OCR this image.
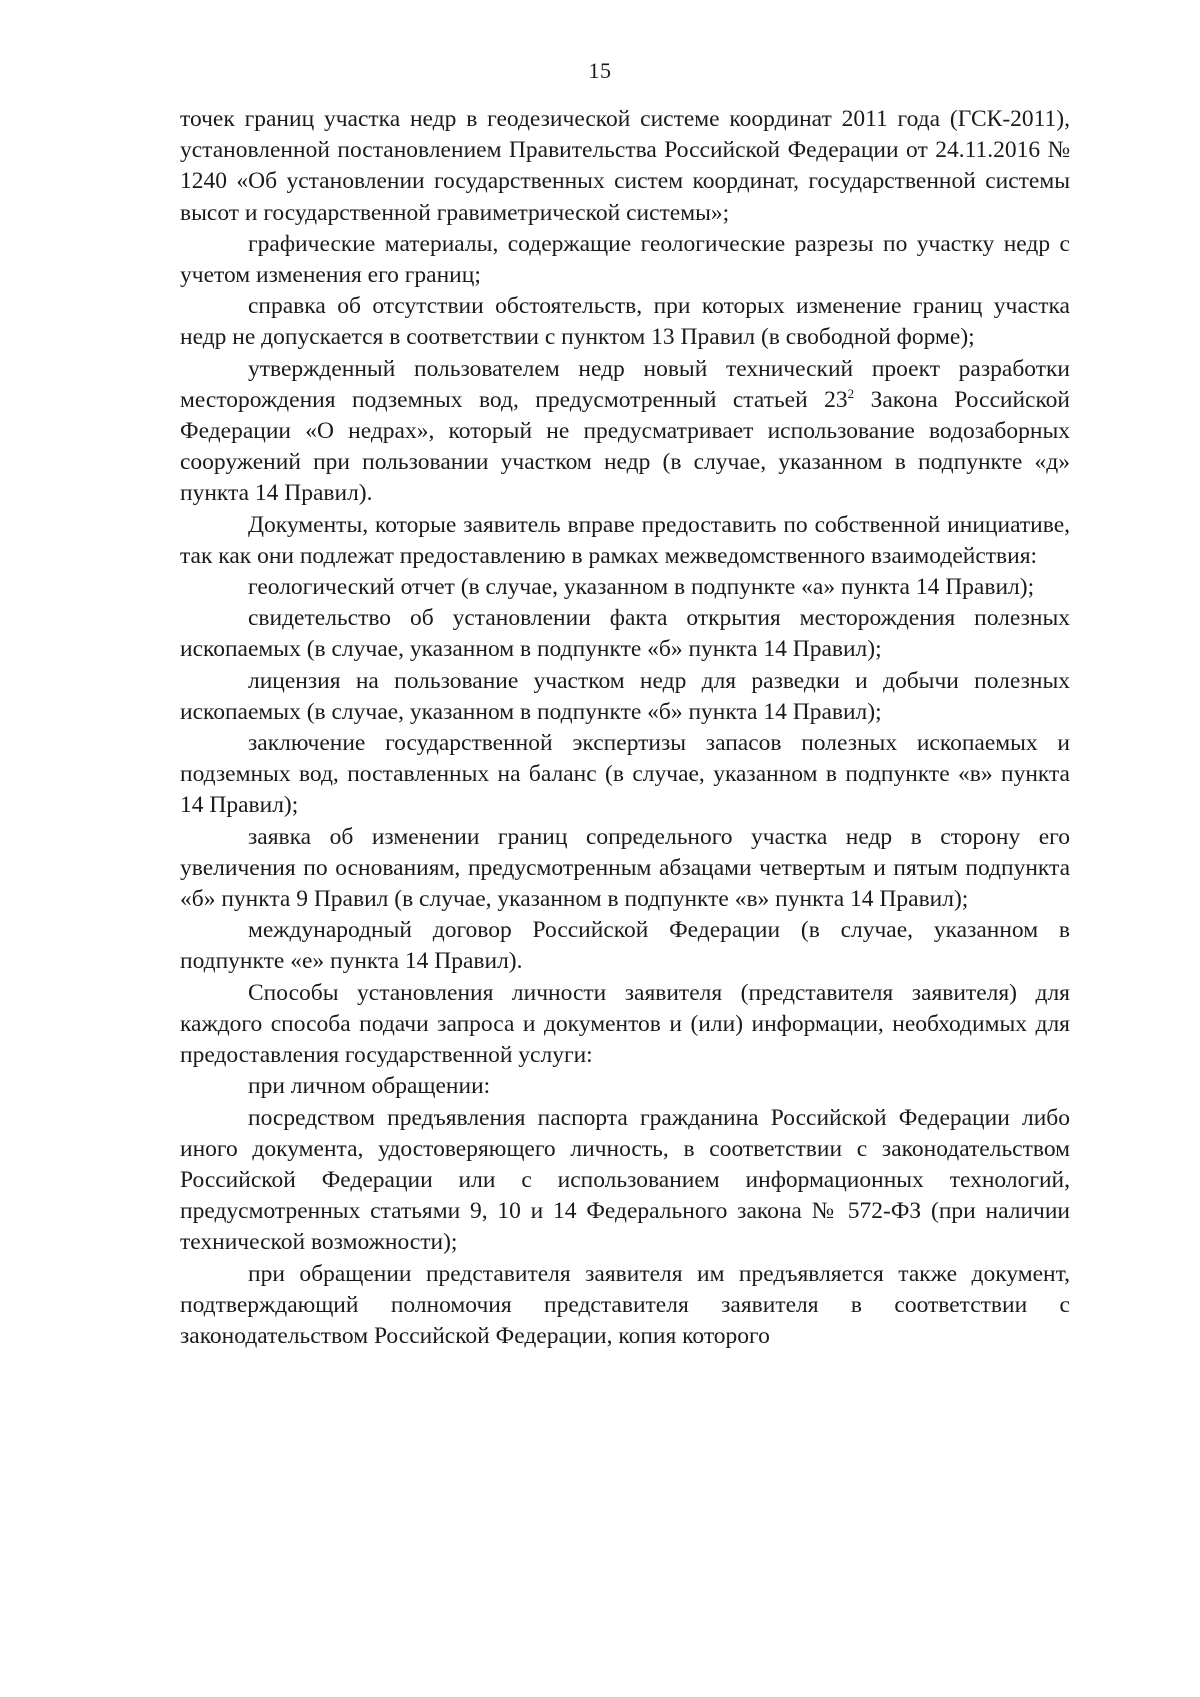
15

точек границ участка недр в геодезической системе координат 2011 года (ГСК-2011), установленной постановлением Правительства Российской Федерации от 24.11.2016 № 1240 «Об установлении государственных систем координат, государственной системы высот и государственной гравиметрической системы»;

графические материалы, содержащие геологические разрезы по участку недр с учетом изменения его границ;

справка об отсутствии обстоятельств, при которых изменение границ участка недр не допускается в соответствии с пунктом 13 Правил (в свободной форме);

утвержденный пользователем недр новый технический проект разработки месторождения подземных вод, предусмотренный статьей $23^2$ Закона Российской Федерации «О недрах», который не предусматривает использование водозаборных сооружений при пользовании участком недр (в случае, указанном в подпункте «д» пункта 14 Правил).

Документы, которые заявитель вправе предоставить по собственной инициативе, так как они подлежат предоставлению в рамках межведомственного взаимодействия:

геологический отчет (в случае, указанном в подпункте «а» пункта 14 Правил);

свидетельство об установлении факта открытия месторождения полезных ископаемых (в случае, указанном в подпункте «б» пункта 14 Правил);

лицензия на пользование участком недр для разведки и добычи полезных ископаемых (в случае, указанном в подпункте «б» пункта 14 Правил);

заключение государственной экспертизы запасов полезных ископаемых и подземных вод, поставленных на баланс (в случае, указанном в подпункте «в» пункта 14 Правил);

заявка об изменении границ сопредельного участка недр в сторону его увеличения по основаниям, предусмотренным абзацами четвертым и пятым подпункта «б» пункта 9 Правил (в случае, указанном в подпункте «в» пункта 14 Правил);

международный договор Российской Федерации (в случае, указанном в подпункте «е» пункта 14 Правил).

Способы установления личности заявителя (представителя заявителя) для каждого способа подачи запроса и документов и (или) информации, необходимых для предоставления государственной услуги:

при личном обращении:

посредством предъявления паспорта гражданина Российской Федерации либо иного документа, удостоверяющего личность, в соответствии с законодательством Российской Федерации или с использованием информационных технологий, предусмотренных статьями 9, 10 и 14 Федерального закона № 572-ФЗ (при наличии технической возможности);

при обращении представителя заявителя им предъявляется также документ, подтверждающий полномочия представителя заявителя в соответствии с законодательством Российской Федерации, копия которого
